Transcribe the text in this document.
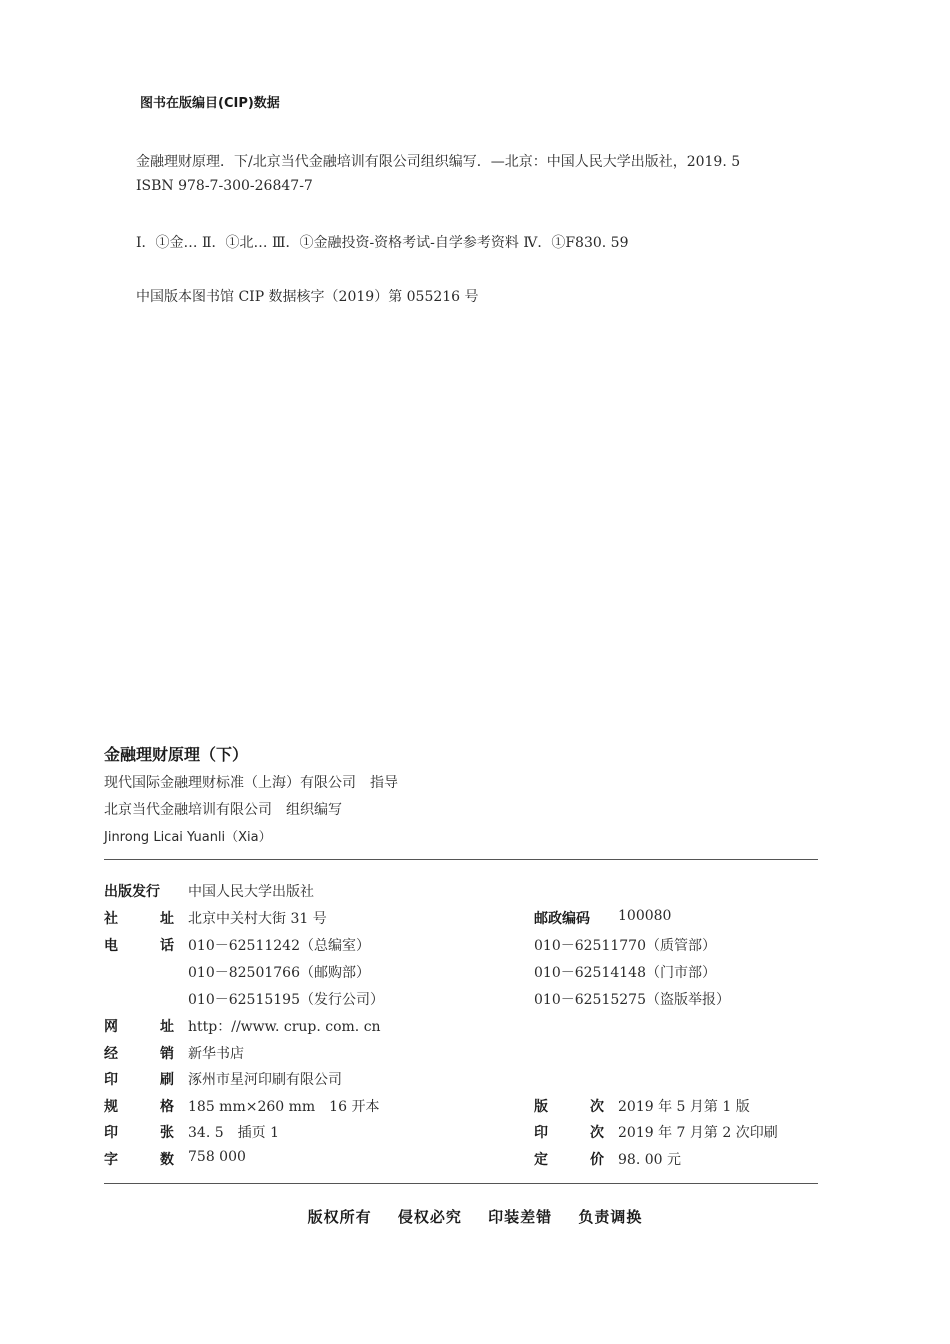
图书在版编目(CIP)数据
金融理财原理．下/北京当代金融培训有限公司组织编写．—北京：中国人民大学出版社，2019. 5
ISBN 978-7-300-26847-7
Ⅰ．①金… Ⅱ．①北… Ⅲ．①金融投资-资格考试-自学参考资料 Ⅳ．①F830. 59
中国版本图书馆 CIP 数据核字（2019）第 055216 号
金融理财原理（下）
现代国际金融理财标准（上海）有限公司　指导
北京当代金融培训有限公司　组织编写
Jinrong Licai Yuanli（Xia）
出版发行 中国人民大学出版社
社	址 北京中关村大街 31 号	邮政编码 100080
电	话 010－62511242（总编室）	010－62511770（质管部）
010－82501766（邮购部）	010－62514148（门市部）
010－62515195（发行公司）	010－62515275（盗版举报）
网	址 http：//www. crup. com. cn
经	销 新华书店
印	刷 涿州市星河印刷有限公司
规	格 185 mm×260 mm　16 开本	版	次 2019 年 5 月第 1 版
印	张 34. 5　插页 1	印	次 2019 年 7 月第 2 次印刷
字	数 758 000	定	价 98. 00 元
版权所有 侵权必究 印装差错 负责调换
